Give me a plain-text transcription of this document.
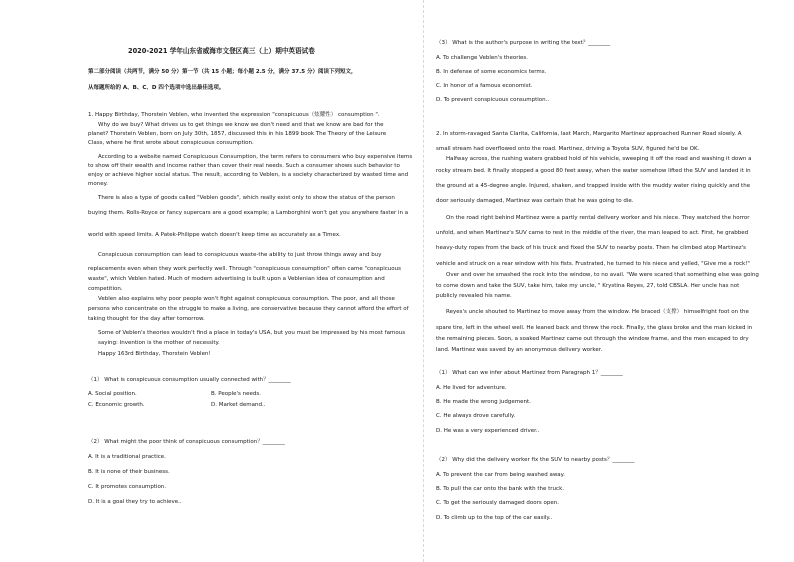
2020-2021 学年山东省威海市文登区高三（上）期中英语试卷
第二部分阅读（共两节，满分 50 分）第一节（共 15 小题；每小题 2.5 分，满分 37.5 分）阅读下列短文，
从每题所给的 A、B、C、D 四个选项中选出最佳选项。
1. Happy Birthday, Thorstein Veblen, who invented the expression "conspicuous（炫耀性） consumption ".
Why do we buy? What drives us to get things we know we don't need and that we know are bad for the
planet? Thorstein Veblen, born on July 30th, 1857, discussed this in his 1899 book The Theory of the Leisure
Class, where he first wrote about conspicuous consumption.
According to a website named Conspicuous Consumption, the term refers to consumers who buy expensive items
to show off their wealth and income rather than cover their real needs. Such a consumer shows such behavior to
enjoy or achieve higher social status. The result, according to Veblen, is a society characterized by wasted time and
money.
There is also a type of goods called "Veblen goods", which really exist only to show the status of the person
buying them. Rolls-Royce or fancy supercars are a good example; a Lamborghini won't get you anywhere faster in a
world with speed limits. A Patek-Philippe watch doesn't keep time as accurately as a Timex.
Conspicuous consumption can lead to conspicuous waste-the ability to just throw things away and buy
replacements even when they work perfectly well. Through "conspicuous consumption" often came "conspicuous
waste", which Veblen hated. Much of modern advertising is built upon a Veblenian idea of consumption and
competition.
Veblen also explains why poor people won't fight against conspicuous consumption. The poor, and all those
persons who concentrate on the struggle to make a living, are conservative because they cannot afford the effort of
taking thought for the day after tomorrow.
Some of Veblen's theories wouldn't find a place in today's USA, but you must be impressed by his most famous
saying: Invention is the mother of necessity.
Happy 163rd Birthday, Thorstein Veblen!
（1） What is conspicuous consumption usually connected with？________
A. Social position.	B. People's needs.
C. Economic growth.	D. Market demand.．
（2） What might the poor think of conspicuous consumption？________
A. It is a traditional practice.
B. It is none of their business.
C. It promotes consumption.
D. It is a goal they try to achieve.．
（3） What is the author's purpose in writing the text？________
A. To challenge Veblen's theories.
B. In defense of some economics terms.
C. In honor of a famous economist.
D. To prevent conspicuous consumption.．
2. In storm-ravaged Santa Clarita, California, last March, Margarito Martinez approached Runner Road slowly. A
small stream had overflowed onto the road. Martinez, driving a Toyota SUV, figured he'd be OK.
Halfway across, the rushing waters grabbed hold of his vehicle, sweeping it off the road and washing it down a
rocky stream bed. It finally stopped a good 80 feet away, when the water somehow lifted the SUV and landed it in
the ground at a 45-degree angle. Injured, shaken, and trapped inside with the muddy water rising quickly and the
door seriously damaged, Martinez was certain that he was going to die.
On the road right behind Martinez were a partly rental delivery worker and his niece. They watched the horror
unfold, and when Martinez's SUV came to rest in the middle of the river, the man leaped to act. First, he grabbed
heavy-duty ropes from the back of his truck and fixed the SUV to nearby posts. Then he climbed atop Martinez's
vehicle and struck on a rear window with his fists. Frustrated, he turned to his niece and yelled, "Give me a rock!"
Over and over he smashed the rock into the window, to no avail. "We were scared that something else was going
to come down and take the SUV, take him, take my uncle, " Krystina Reyes, 27, told CBSLA. Her uncle has not
publicly revealed his name.
Reyes's uncle shouted to Martinez to move away from the window. He braced（支撑） himselfright foot on the
spare tire, left in the wheel well. He leaned back and threw the rock. Finally, the glass broke and the man kicked in
the remaining pieces. Soon, a soaked Martinez came out through the window frame, and the men escaped to dry
land. Martinez was saved by an anonymous delivery worker.
（1） What can we infer about Martinez from Paragraph 1？________
A. He lived for adventure.
B. He made the wrong judgement.
C. He always drove carefully.
D. He was a very experienced driver.．
（2） Why did the delivery worker fix the SUV to nearby posts？________
A. To prevent the car from being washed away.
B. To pull the car onto the bank with the truck.
C. To get the seriously damaged doors open.
D. To climb up to the top of the car easily.．
